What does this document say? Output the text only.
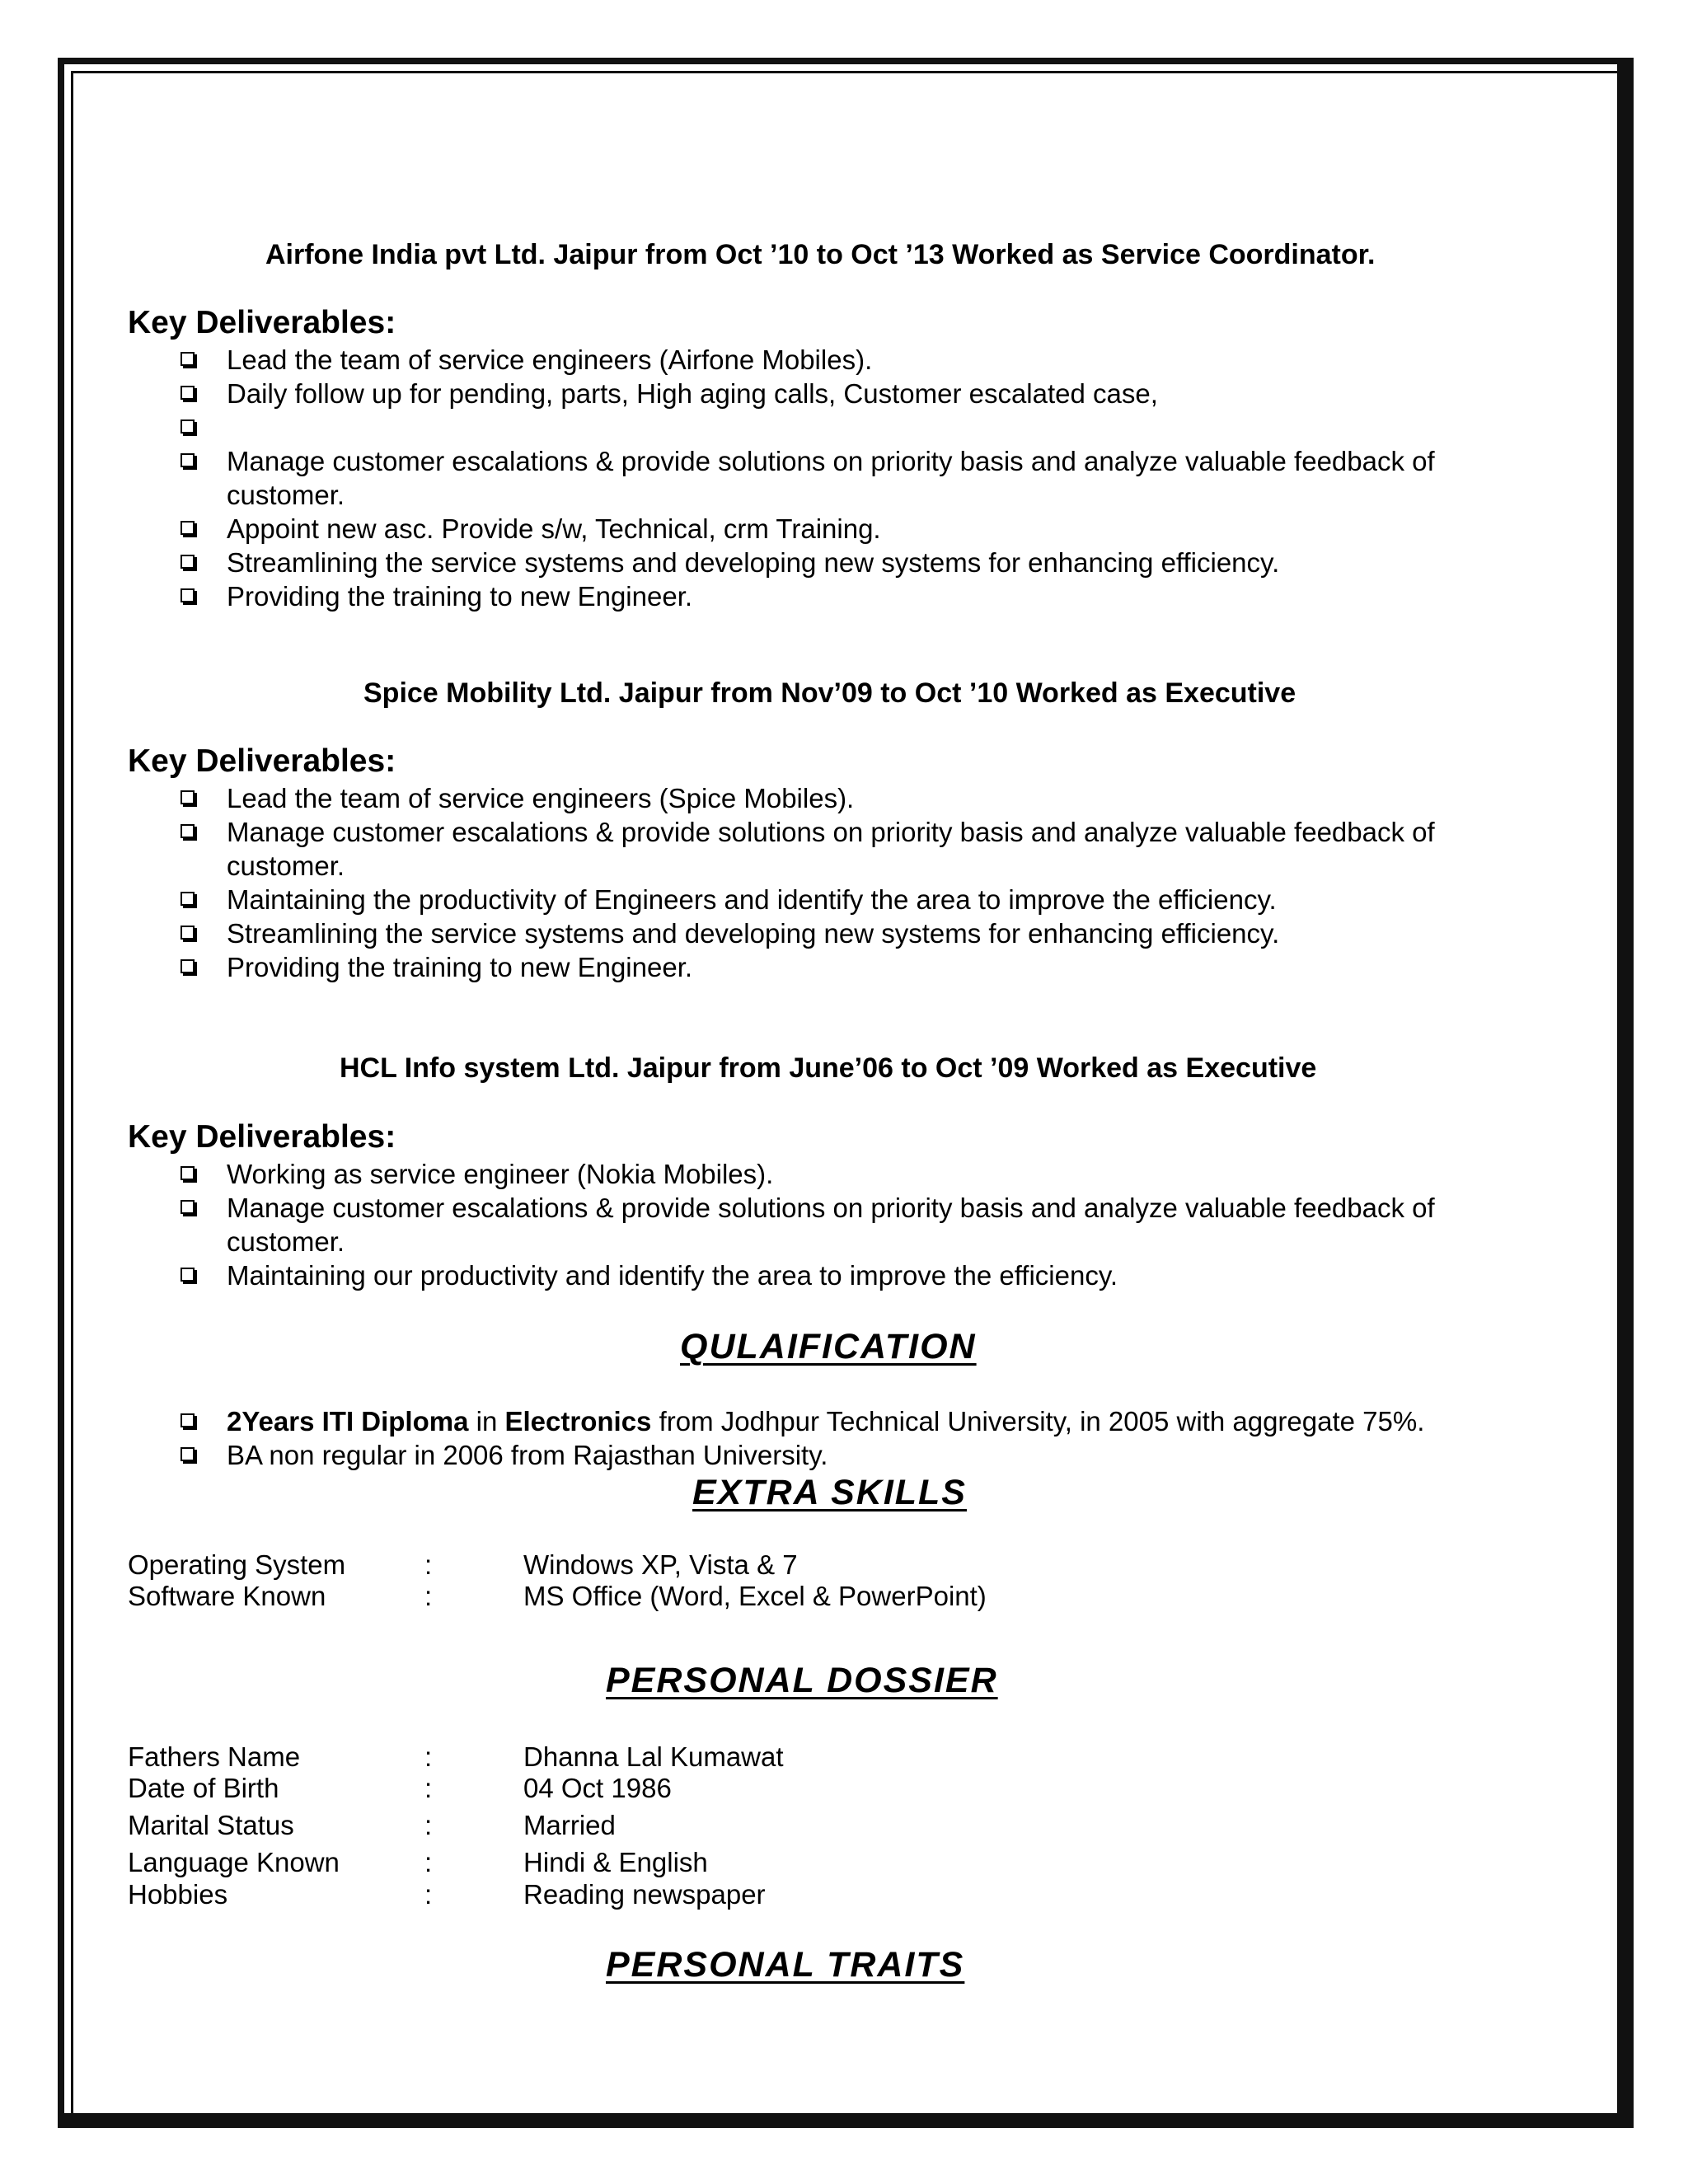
Airfone India pvt Ltd. Jaipur from Oct ’10 to Oct ’13 Worked as Service Coordinator.
Key Deliverables:
Lead the team of service engineers (Airfone Mobiles).
Daily follow up for pending, parts, High aging calls, Customer escalated case,
Manage customer escalations & provide solutions on priority basis and analyze valuable feedback of customer.
Appoint new asc. Provide s/w, Technical, crm Training.
Streamlining the service systems and developing new systems for enhancing efficiency.
Providing the training to new Engineer.
Spice Mobility Ltd. Jaipur from Nov’09 to Oct ’10 Worked as Executive
Key Deliverables:
Lead the team of service engineers (Spice Mobiles).
Manage customer escalations & provide solutions on priority basis and analyze valuable feedback of customer.
Maintaining the productivity of Engineers and identify the area to improve the efficiency.
Streamlining the service systems and developing new systems for enhancing efficiency.
Providing the training to new Engineer.
HCL Info system Ltd. Jaipur from June’06 to Oct ’09 Worked as Executive
Key Deliverables:
Working as service engineer (Nokia Mobiles).
Manage customer escalations & provide solutions on priority basis and analyze valuable feedback of customer.
Maintaining our productivity and identify the area to improve the efficiency.
QULAIFICATION
2Years ITI Diploma in Electronics from Jodhpur Technical University, in 2005 with aggregate 75%.
BA non regular in 2006 from Rajasthan University.
EXTRA SKILLS
Operating System	:	Windows XP, Vista & 7
Software Known	:	MS Office (Word, Excel & PowerPoint)
PERSONAL DOSSIER
Fathers Name	:	Dhanna Lal Kumawat
Date of Birth	:	04 Oct 1986
Marital Status	:	Married
Language Known	:	Hindi & English
Hobbies	:	Reading newspaper
PERSONAL TRAITS
